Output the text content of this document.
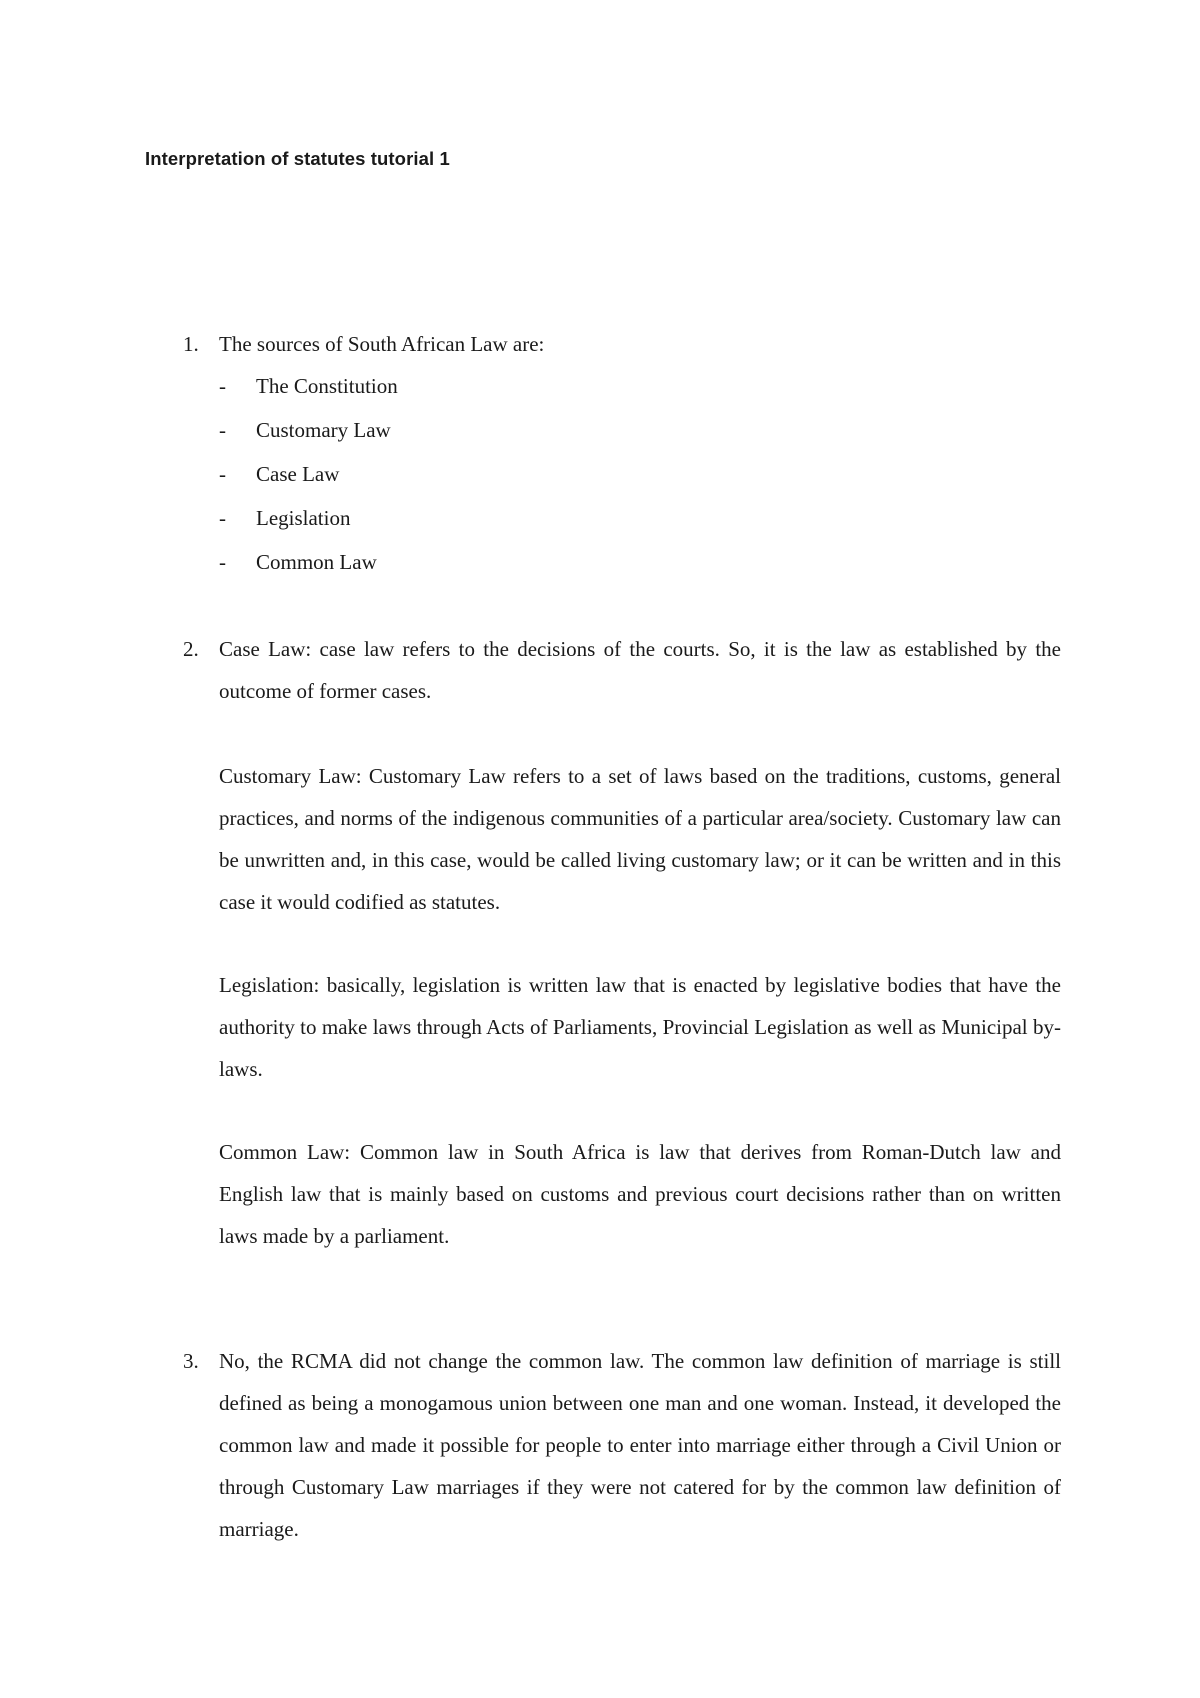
Interpretation of statutes tutorial 1
1. The sources of South African Law are:
- The Constitution
- Customary Law
- Case Law
- Legislation
- Common Law
2. Case Law: case law refers to the decisions of the courts. So, it is the law as established by the outcome of former cases.

Customary Law: Customary Law refers to a set of laws based on the traditions, customs, general practices, and norms of the indigenous communities of a particular area/society. Customary law can be unwritten and, in this case, would be called living customary law; or it can be written and in this case it would codified as statutes.

Legislation: basically, legislation is written law that is enacted by legislative bodies that have the authority to make laws through Acts of Parliaments, Provincial Legislation as well as Municipal by-laws.

Common Law: Common law in South Africa is law that derives from Roman-Dutch law and English law that is mainly based on customs and previous court decisions rather than on written laws made by a parliament.

3. No, the RCMA did not change the common law. The common law definition of marriage is still defined as being a monogamous union between one man and one woman. Instead, it developed the common law and made it possible for people to enter into marriage either through a Civil Union or through Customary Law marriages if they were not catered for by the common law definition of marriage.
